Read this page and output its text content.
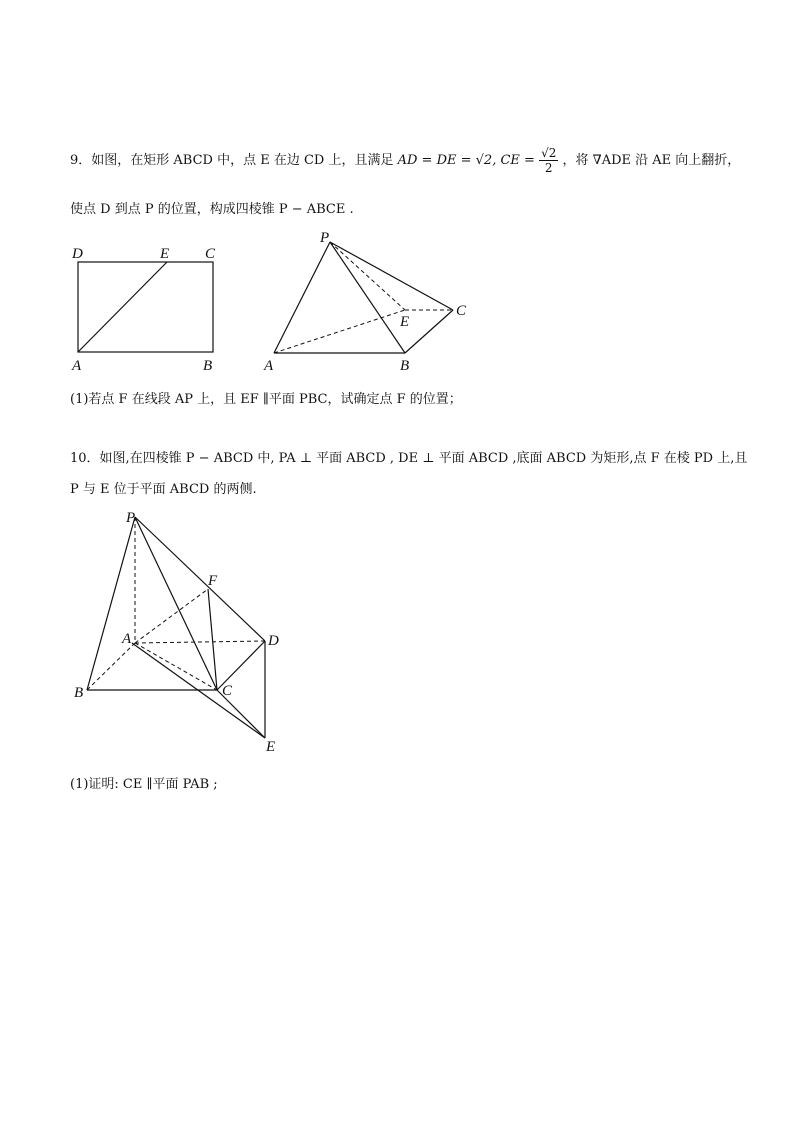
9．如图，在矩形 ABCD 中，点 E 在边 CD 上，且满足 AD = DE = √2, CE = $\frac{√2}{2}$ ，将 ∇ADE 沿 AE 向上翻折，
使点 D 到点 P 的位置，构成四棱锥 P − ABCE .
D	E C
A	B
P
E
C
A	B
(1)若点 F 在线段 AP 上，且 EF ∥平面 PBC，试确定点 F 的位置；
10．如图,在四棱锥 P − ABCD 中, PA ⊥ 平面 ABCD , DE ⊥ 平面 ABCD ,底面 ABCD 为矩形,点 F 在棱 PD 上,且
P 与 E 位于平面 ABCD 的两侧.
P
F
A	D
B	C
E
(1)证明: CE ∥平面 PAB ;
